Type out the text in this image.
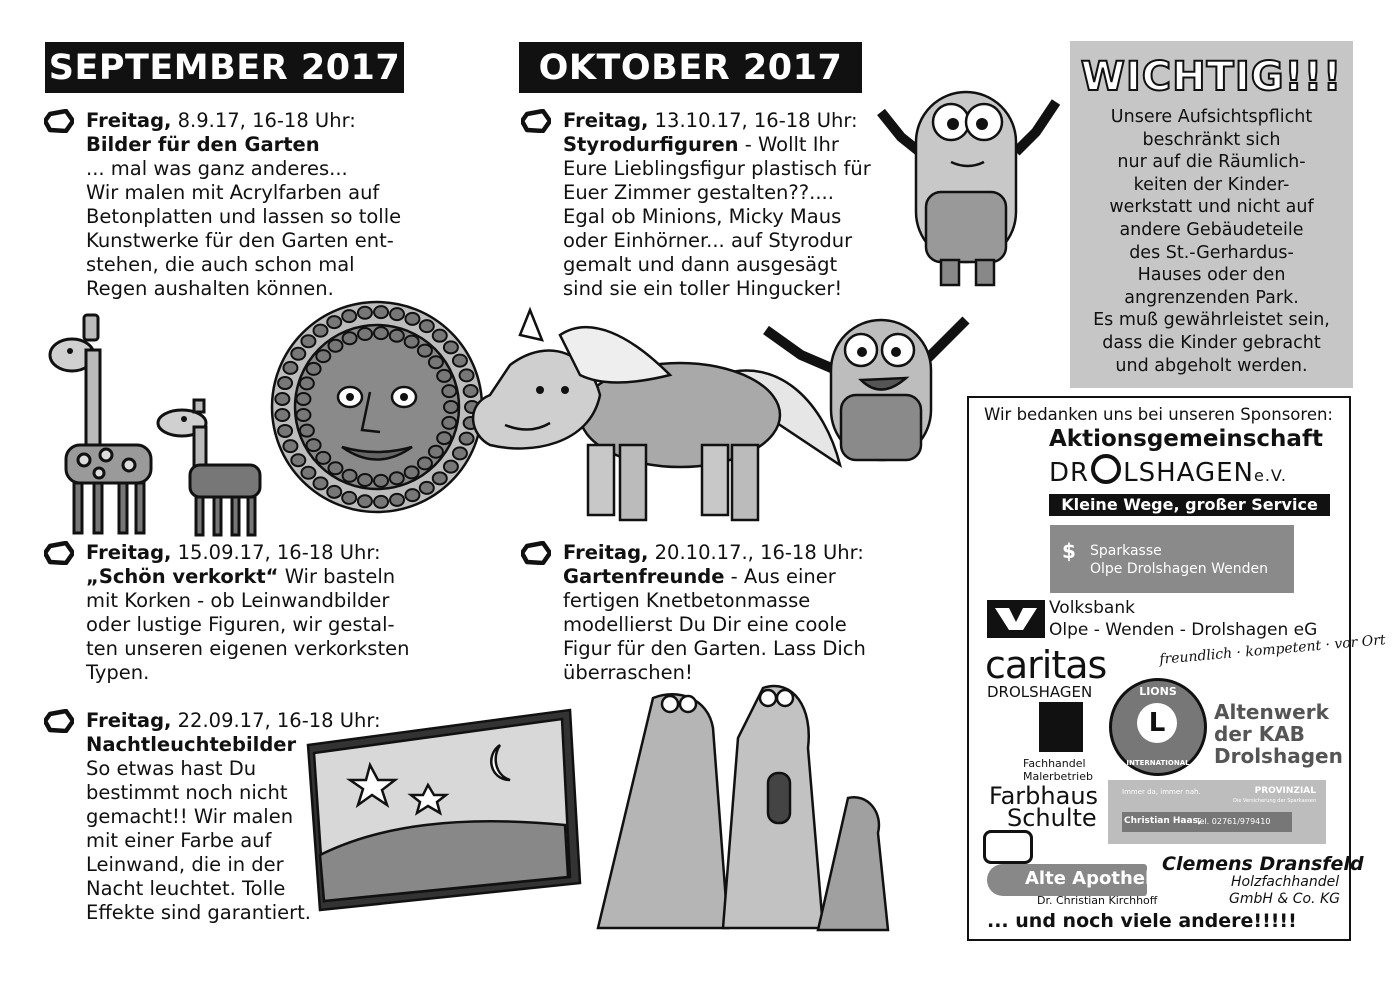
SEPTEMBER 2017	OKTOBER 2017
Freitag, 8.9.17, 16-18 Uhr:
Bilder für den Garten
... mal was ganz anderes...
Wir malen mit Acrylfarben auf
Betonplatten und lassen so tolle
Kunstwerke für den Garten ent-
stehen, die auch schon mal
Regen aushalten können.
Freitag, 15.09.17, 16-18 Uhr:
„Schön verkorkt“ Wir basteln
mit Korken - ob Leinwandbilder
oder lustige Figuren, wir gestal-
ten unseren eigenen verkorksten
Typen.
Freitag, 22.09.17, 16-18 Uhr:
Nachtleuchtebilder
So etwas hast Du
bestimmt noch nicht
gemacht!! Wir malen
mit einer Farbe auf
Leinwand, die in der
Nacht leuchtet. Tolle
Effekte sind garantiert.
Freitag, 13.10.17, 16-18 Uhr:
Styrodurfiguren - Wollt Ihr
Eure Lieblingsfigur plastisch für
Euer Zimmer gestalten??....
Egal ob Minions, Micky Maus
oder Einhörner... auf Styrodur
gemalt und dann ausgesägt
sind sie ein toller Hingucker!
Freitag, 20.10.17., 16-18 Uhr:
Gartenfreunde - Aus einer
fertigen Knetbetonmasse
modellierst Du Dir eine coole
Figur für den Garten. Lass Dich
überraschen!
WICHTIG!!!
Unsere Aufsichtspflicht
beschränkt sich
nur auf die Räumlich-
keiten der Kinder-
werkstatt und nicht auf
andere Gebäudeteile
des St.-Gerhardus-
Hauses oder den
angrenzenden Park.
Es muß gewährleistet sein,
dass die Kinder gebracht
und abgeholt werden.
Wir bedanken uns bei unseren Sponsoren:
Aktionsgemeinschaft
DR LSHAGENe.V.
Kleine Wege, großer Service
$ Sparkasse
Olpe Drolshagen Wenden
Volksbank
Olpe - Wenden - Drolshagen eG
freundlich · kompetent · vor Ort
caritas
DROLSHAGEN
Fachhandel
Malerbetrieb
Farbhaus
Schulte
LIONS
L
INTERNATIONAL
Altenwerk
der KAB
Drolshagen
Immer da, immer nah.	PROVINZIAL
Die Versicherung der Sparkassen
Christian Haas,
Tel. 02761/979410
Alte Apotheke
Dr. Christian Kirchhoff
Clemens Dransfeld
Holzfachhandel
GmbH & Co. KG
... und noch viele andere!!!!!
